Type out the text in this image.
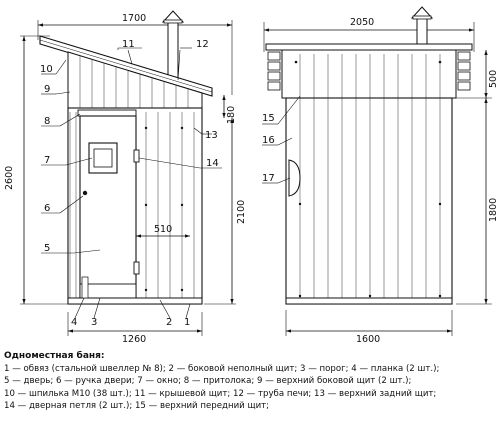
1700
2600
180
2100
510
1260
11	12
10
9
8
7
6
5
13
14
4 3	2 1
2050
500
1800
1600
15
16
17
Одноместная баня:
1 — обвяз (стальной швеллер № 8); 2 — боковой неполный щит; 3 — порог; 4 — планка (2 шт.);
5 — дверь; 6 — ручка двери; 7 — окно; 8 — притолока; 9 — верхний боковой щит (2 шт.);
10 — шпилька М10 (38 шт.); 11 — крышевой щит; 12 — труба печи; 13 — верхний задний щит;
14 — дверная петля (2 шт.); 15 — верхний передний щит;
